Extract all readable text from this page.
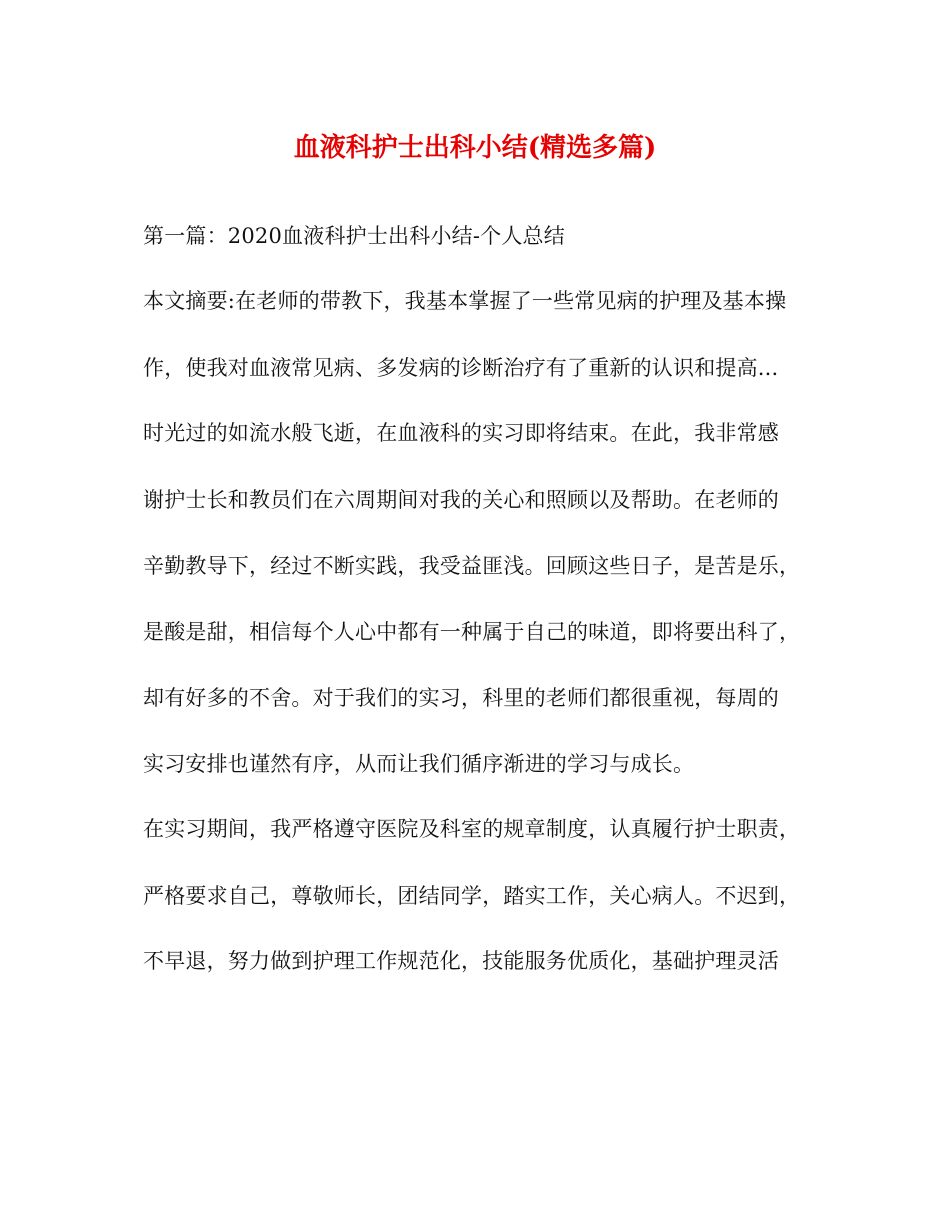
血液科护士出科小结(精选多篇)
第一篇：2020血液科护士出科小结-个人总结
本文摘要:在老师的带教下，我基本掌握了一些常见病的护理及基本操
作，使我对血液常见病、多发病的诊断治疗有了重新的认识和提高...
时光过的如流水般飞逝，在血液科的实习即将结束。在此，我非常感
谢护士长和教员们在六周期间对我的关心和照顾以及帮助。在老师的
辛勤教导下，经过不断实践，我受益匪浅。回顾这些日子，是苦是乐，
是酸是甜，相信每个人心中都有一种属于自己的味道，即将要出科了，
却有好多的不舍。对于我们的实习，科里的老师们都很重视，每周的
实习安排也谨然有序，从而让我们循序渐进的学习与成长。
在实习期间，我严格遵守医院及科室的规章制度，认真履行护士职责，
严格要求自己，尊敬师长，团结同学，踏实工作，关心病人。不迟到，
不早退，努力做到护理工作规范化，技能服务优质化，基础护理灵活
